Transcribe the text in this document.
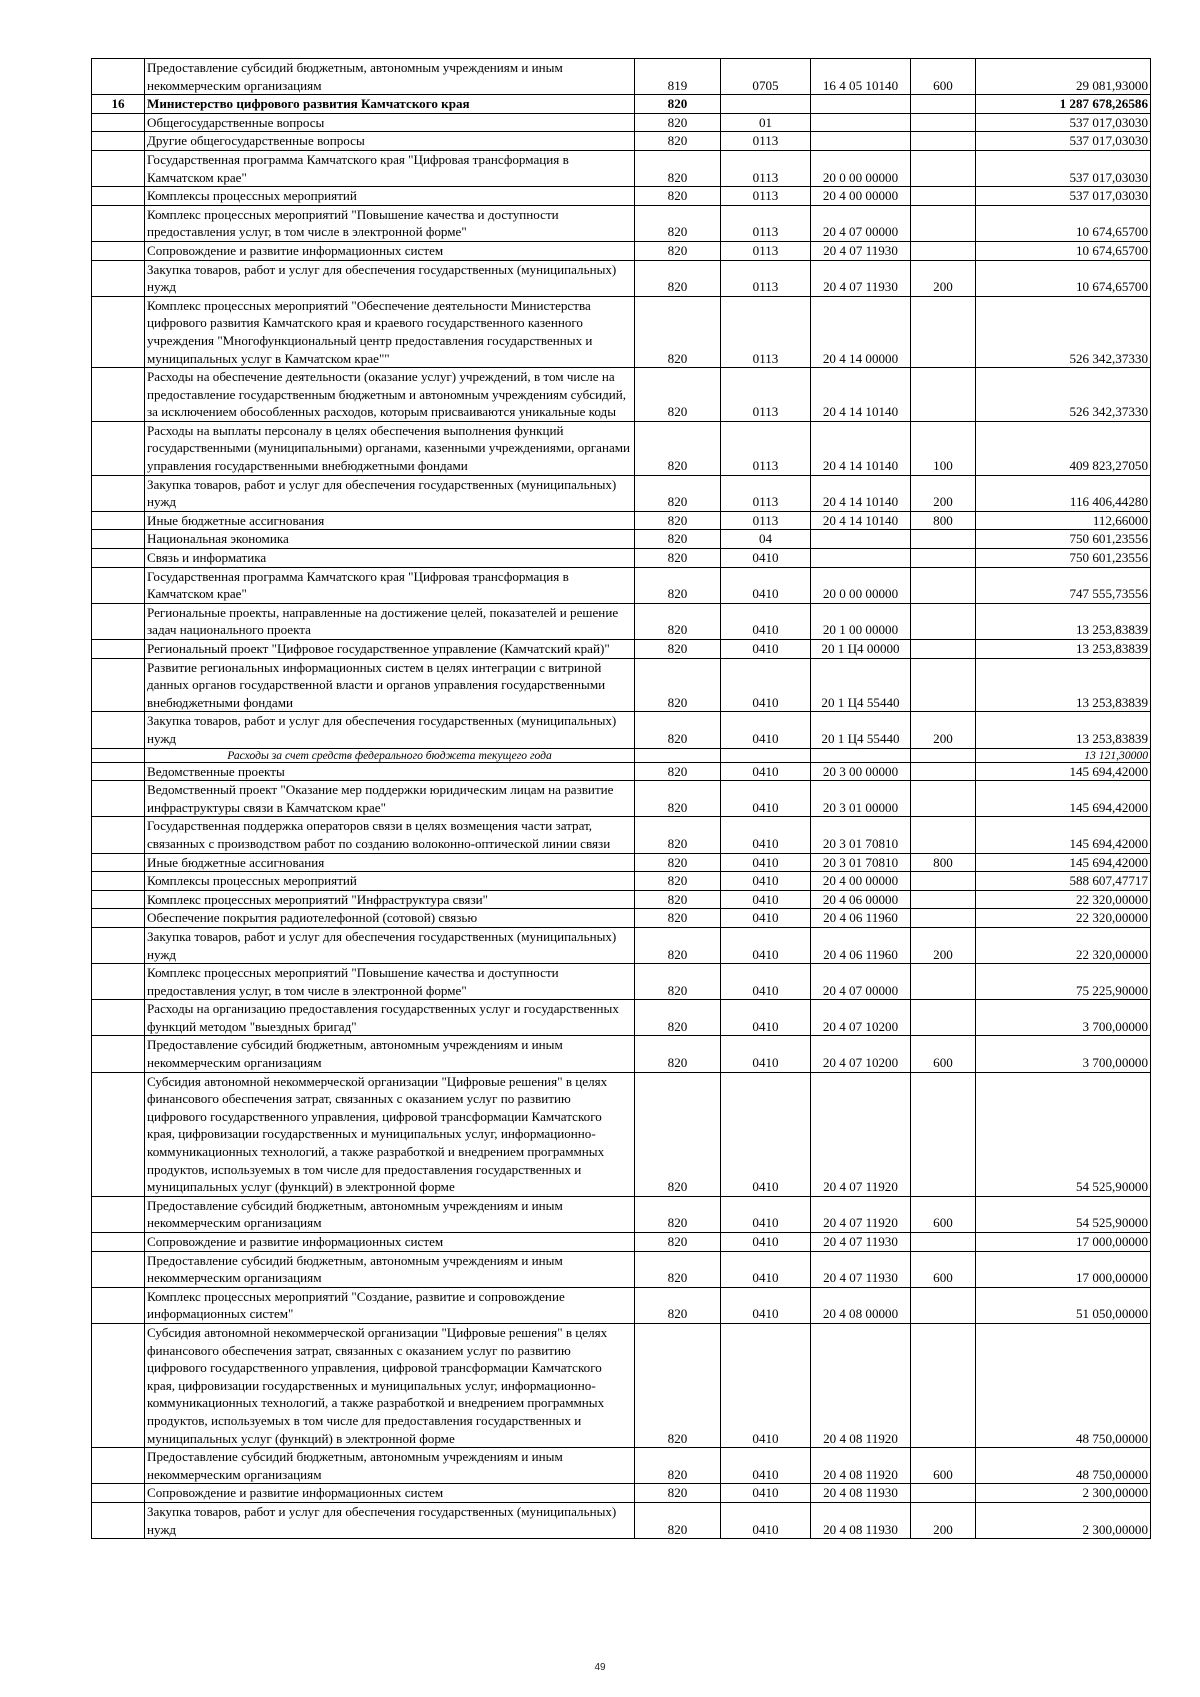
	Предоставление субсидий бюджетным, автономным учреждениям и иным некоммерческим организациям	819	0705	16 4 05 10140	600	29 081,93000
16	Министерство цифрового развития Камчатского края	820				1 287 678,26586
	Общегосударственные вопросы	820	01			537 017,03030
	Другие общегосударственные вопросы	820	0113			537 017,03030
	Государственная программа Камчатского края "Цифровая трансформация в Камчатском крае"	820	0113	20 0 00 00000		537 017,03030
	Комплексы процессных мероприятий	820	0113	20 4 00 00000		537 017,03030
	Комплекс процессных мероприятий "Повышение качества и доступности предоставления услуг, в том числе в электронной форме"	820	0113	20 4 07 00000		10 674,65700
	Сопровождение и развитие информационных систем	820	0113	20 4 07 11930		10 674,65700
	Закупка товаров, работ и услуг для обеспечения государственных (муниципальных) нужд	820	0113	20 4 07 11930	200	10 674,65700
	Комплекс процессных мероприятий "Обеспечение деятельности Министерства цифрового развития Камчатского края и краевого государственного казенного учреждения "Многофункциональный центр предоставления государственных и муниципальных услуг в Камчатском крае""	820	0113	20 4 14 00000		526 342,37330
	Расходы на обеспечение деятельности (оказание услуг) учреждений, в том числе на предоставление государственным бюджетным и автономным учреждениям субсидий, за исключением обособленных расходов, которым присваиваются уникальные коды	820	0113	20 4 14 10140		526 342,37330
	Расходы на выплаты персоналу в целях обеспечения выполнения функций государственными (муниципальными) органами, казенными учреждениями, органами управления государственными внебюджетными фондами	820	0113	20 4 14 10140	100	409 823,27050
	Закупка товаров, работ и услуг для обеспечения государственных (муниципальных) нужд	820	0113	20 4 14 10140	200	116 406,44280
	Иные бюджетные ассигнования	820	0113	20 4 14 10140	800	112,66000
	Национальная экономика	820	04			750 601,23556
	Связь и информатика	820	0410			750 601,23556
	Государственная программа Камчатского края "Цифровая трансформация в Камчатском крае"	820	0410	20 0 00 00000		747 555,73556
	Региональные проекты, направленные на достижение целей, показателей и решение задач национального проекта	820	0410	20 1 00 00000		13 253,83839
	Региональный проект "Цифровое государственное управление (Камчатский край)"	820	0410	20 1 Ц4 00000		13 253,83839
	Развитие региональных информационных систем в целях интеграции с витриной данных органов государственной власти и органов управления государственными внебюджетными фондами	820	0410	20 1 Ц4 55440		13 253,83839
	Закупка товаров, работ и услуг для обеспечения государственных (муниципальных) нужд	820	0410	20 1 Ц4 55440	200	13 253,83839
	Расходы за счет средств федерального бюджета текущего года					13 121,30000
	Ведомственные проекты	820	0410	20 3 00 00000		145 694,42000
	Ведомственный проект "Оказание мер поддержки юридическим лицам на развитие инфраструктуры связи в Камчатском крае"	820	0410	20 3 01 00000		145 694,42000
	Государственная поддержка операторов связи в целях возмещения части затрат, связанных с производством работ по созданию волоконно-оптической линии связи	820	0410	20 3 01 70810		145 694,42000
	Иные бюджетные ассигнования	820	0410	20 3 01 70810	800	145 694,42000
	Комплексы процессных мероприятий	820	0410	20 4 00 00000		588 607,47717
	Комплекс процессных мероприятий "Инфраструктура связи"	820	0410	20 4 06 00000		22 320,00000
	Обеспечение покрытия радиотелефонной (сотовой) связью	820	0410	20 4 06 11960		22 320,00000
	Закупка товаров, работ и услуг для обеспечения государственных (муниципальных) нужд	820	0410	20 4 06 11960	200	22 320,00000
	Комплекс процессных мероприятий "Повышение качества и доступности предоставления услуг, в том числе в электронной форме"	820	0410	20 4 07 00000		75 225,90000
	Расходы на организацию предоставления государственных услуг и государственных функций методом "выездных бригад"	820	0410	20 4 07 10200		3 700,00000
	Предоставление субсидий бюджетным, автономным учреждениям и иным некоммерческим организациям	820	0410	20 4 07 10200	600	3 700,00000
	Субсидия автономной некоммерческой организации "Цифровые решения" в целях финансового обеспечения затрат, связанных с оказанием услуг по развитию цифрового государственного управления, цифровой трансформации Камчатского края, цифровизации государственных и муниципальных услуг, информационно-коммуникационных технологий, а также разработкой и внедрением программных продуктов, используемых в том числе для предоставления государственных и муниципальных услуг (функций) в электронной форме	820	0410	20 4 07 11920		54 525,90000
	Предоставление субсидий бюджетным, автономным учреждениям и иным некоммерческим организациям	820	0410	20 4 07 11920	600	54 525,90000
	Сопровождение и развитие информационных систем	820	0410	20 4 07 11930		17 000,00000
	Предоставление субсидий бюджетным, автономным учреждениям и иным некоммерческим организациям	820	0410	20 4 07 11930	600	17 000,00000
	Комплекс процессных мероприятий "Создание, развитие и сопровождение информационных систем"	820	0410	20 4 08 00000		51 050,00000
	Субсидия автономной некоммерческой организации "Цифровые решения" в целях финансового обеспечения затрат, связанных с оказанием услуг по развитию цифрового государственного управления, цифровой трансформации Камчатского края, цифровизации государственных и муниципальных услуг, информационно-коммуникационных технологий, а также разработкой и внедрением программных продуктов, используемых в том числе для предоставления государственных и муниципальных услуг (функций) в электронной форме	820	0410	20 4 08 11920		48 750,00000
	Предоставление субсидий бюджетным, автономным учреждениям и иным некоммерческим организациям	820	0410	20 4 08 11920	600	48 750,00000
	Сопровождение и развитие информационных систем	820	0410	20 4 08 11930		2 300,00000
	Закупка товаров, работ и услуг для обеспечения государственных (муниципальных) нужд	820	0410	20 4 08 11930	200	2 300,00000
49
